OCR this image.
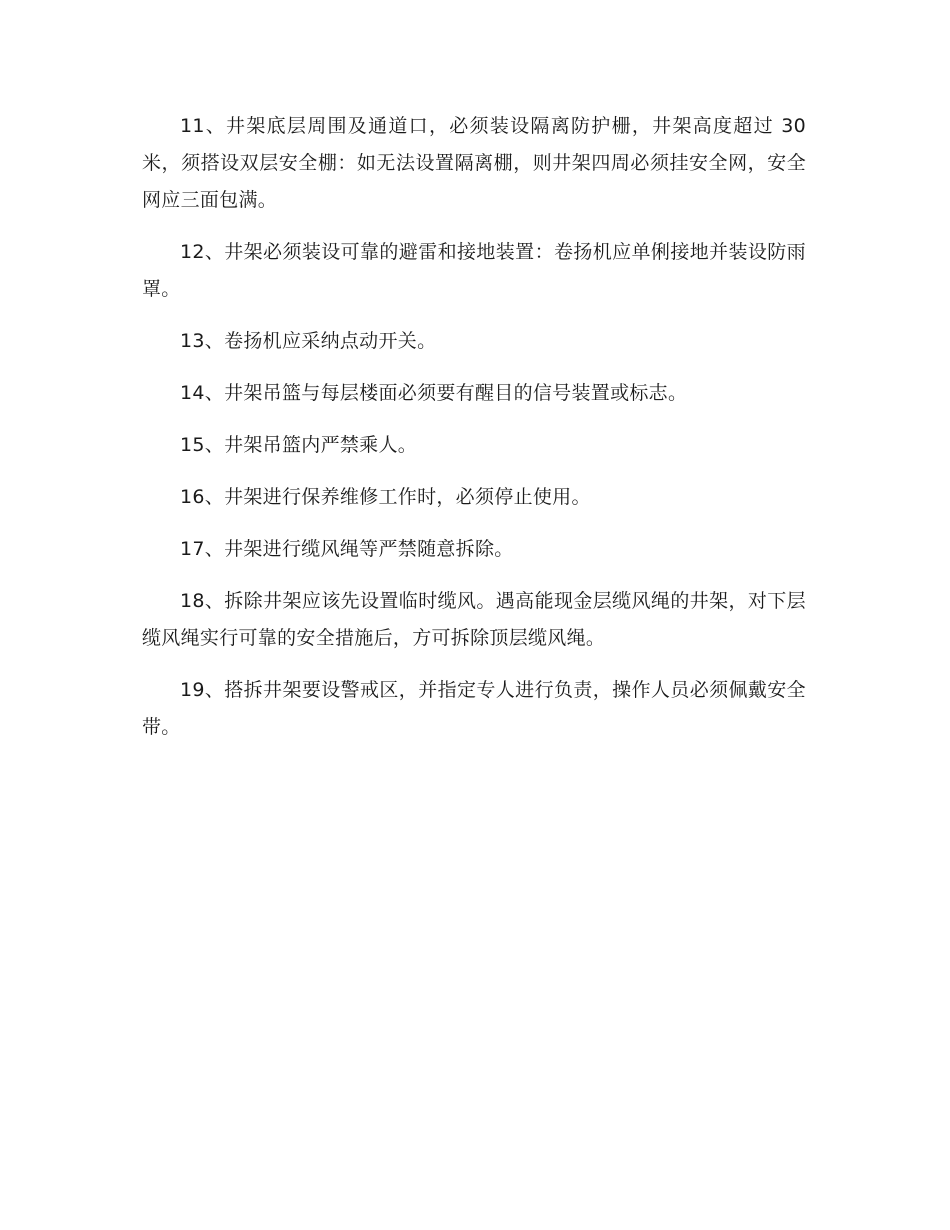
11、井架底层周围及通道口，必须装设隔离防护栅，井架高度超过 30 米，须搭设双层安全棚：如无法设置隔离棚，则井架四周必须挂安全网，安全网应三面包满。

12、井架必须装设可靠的避雷和接地装置：卷扬机应单俐接地并装设防雨罩。

13、卷扬机应采纳点动开关。

14、井架吊篮与每层楼面必须要有醒目的信号装置或标志。

15、井架吊篮内严禁乘人。

16、井架进行保养维修工作时，必须停止使用。

17、井架进行缆风绳等严禁随意拆除。

18、拆除井架应该先设置临时缆风。遇高能现金层缆风绳的井架，对下层缆风绳实行可靠的安全措施后，方可拆除顶层缆风绳。

19、搭拆井架要设警戒区，并指定专人进行负责，操作人员必须佩戴安全带。
